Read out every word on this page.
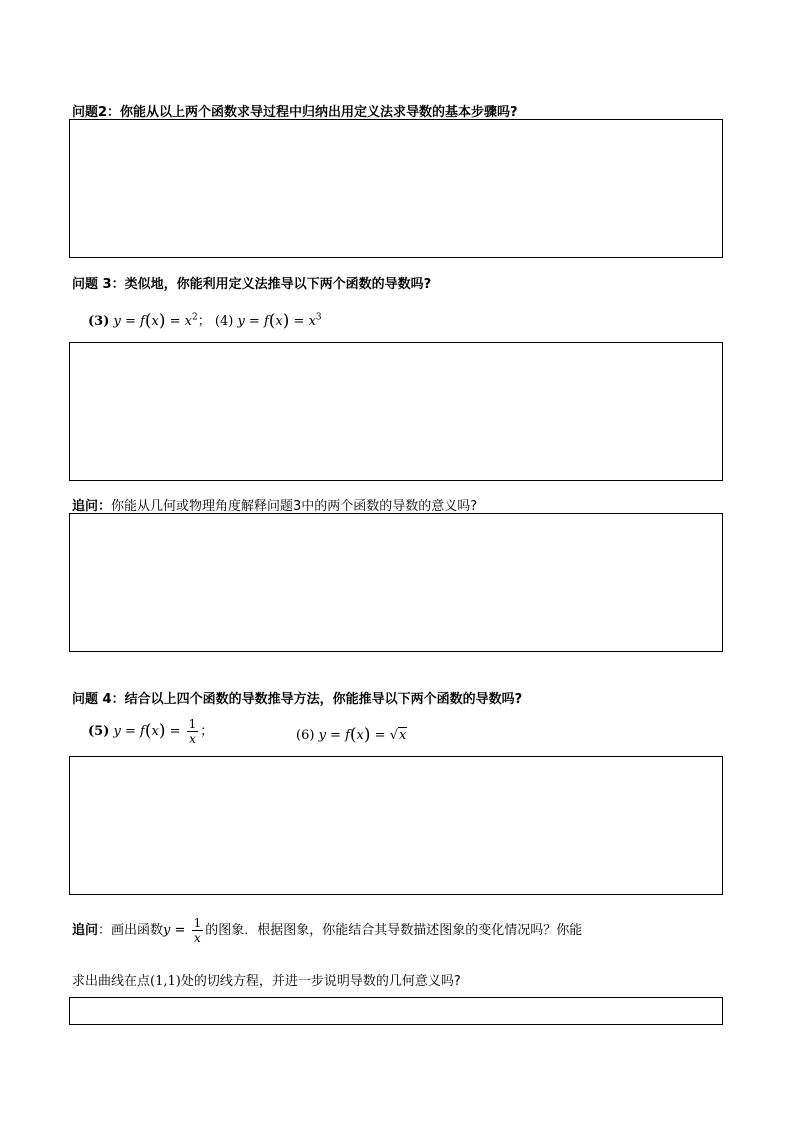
问题2：你能从以上两个函数求导过程中归纳出用定义法求导数的基本步骤吗?
问题 3：类似地，你能利用定义法推导以下两个函数的导数吗?
(3) $y = f(x) = x^2$； (4) $y = f(x) = x^3$
追问：你能从几何或物理角度解释问题3中的两个函数的导数的意义吗?
问题 4：结合以上四个函数的导数推导方法，你能推导以下两个函数的导数吗?
(5) $y = f(x) = \frac{1}{x}$ ；	(6) y = f(x) = √x
追问：画出函数$y = \frac{1}{x}$ 的图象．根据图象，你能结合其导数描述图象的变化情况吗？你能
求出曲线在点(1,1)处的切线方程，并进一步说明导数的几何意义吗?
